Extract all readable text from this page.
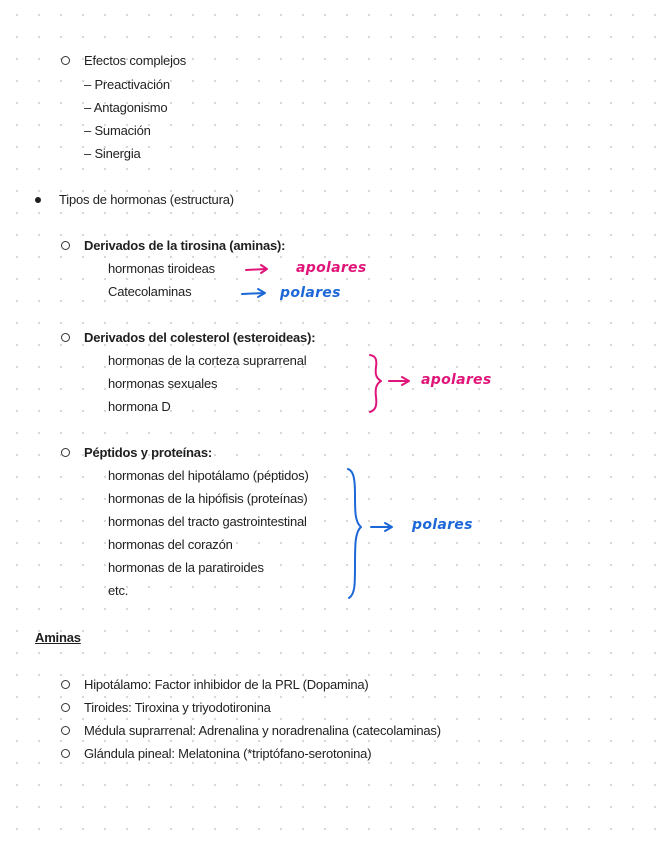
Efectos complejos
– Preactivación
– Antagonismo
– Sumación
– Sinergia
Tipos de hormonas (estructura)
Derivados de la tirosina (aminas):
hormonas tiroideas
Catecolaminas
Derivados del colesterol (esteroideas):
hormonas de la corteza suprarrenal
hormonas sexuales
hormona D
Péptidos y proteínas:
hormonas del hipotálamo (péptidos)
hormonas de la hipófisis (proteínas)
hormonas del tracto gastrointestinal
hormonas del corazón
hormonas de la paratiroides
etc.
apolares
polares
apolares
polares
Aminas
Hipotálamo: Factor inhibidor de la PRL (Dopamina)
Tiroides: Tiroxina y triyodotironina
Médula suprarrenal: Adrenalina y noradrenalina (catecolaminas)
Glándula pineal: Melatonina (*triptófano-serotonina)
